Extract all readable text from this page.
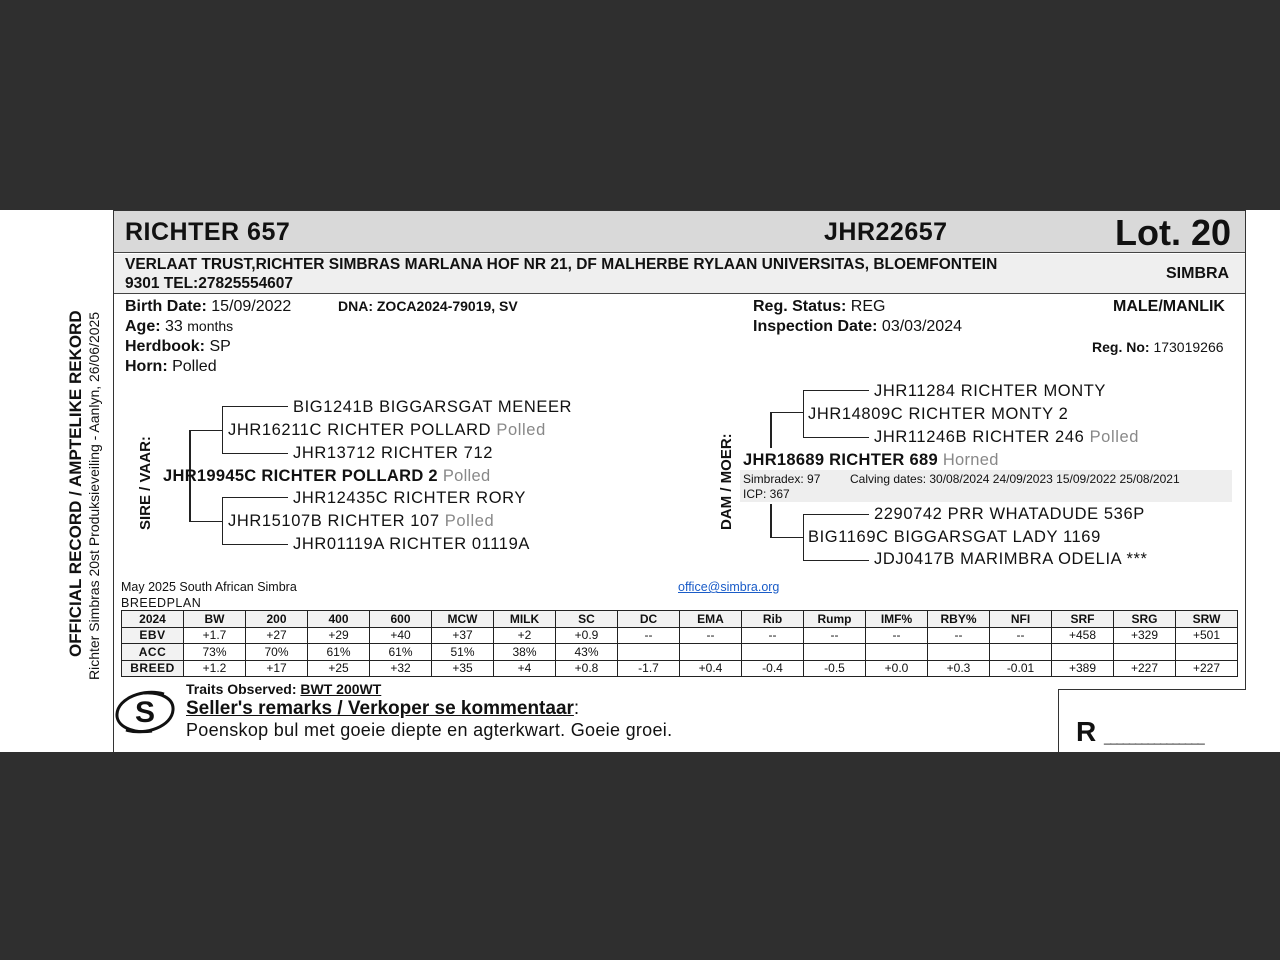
OFFICIAL RECORD / AMPTELIKE REKORD Richter Simbras 20st Produksieveiling - Aanlyn, 26/06/2025
RICHTER 657	JHR22657	Lot. 20
VERLAAT TRUST,RICHTER SIMBRAS MARLANA HOF NR 21, DF MALHERBE RYLAAN UNIVERSITAS, BLOEMFONTEIN
9301 TEL:27825554607
SIMBRA
Birth Date: 15/09/2022	DNA: ZOCA2024-79019, SV
Age: 33 months
Herdbook: SP
Horn: Polled
Reg. Status: REG
Inspection Date: 03/03/2024
MALE/MANLIK
Reg. No: 173019266
SIRE / VAAR:
BIG1241B BIGGARSGAT MENEER
JHR16211C RICHTER POLLARD Polled
JHR13712 RICHTER 712
JHR19945C RICHTER POLLARD 2 Polled
JHR12435C RICHTER RORY
JHR15107B RICHTER 107 Polled
JHR01119A RICHTER 01119A
DAM / MOER:
JHR11284 RICHTER MONTY
JHR14809C RICHTER MONTY 2
JHR11246B RICHTER 246 Polled
JHR18689 RICHTER 689 Horned
Simbradex: 97 Calving dates: 30/08/2024 24/09/2023 15/09/2022 25/08/2021
ICP: 367
2290742 PRR WHATADUDE 536P
BIG1169C BIGGARSGAT LADY 1169
JDJ0417B MARIMBRA ODELIA ***
May 2025 South African Simbra	office@simbra.org
BREEDPLAN
2024	BW	200	400	600	MCW	MILK	SC	DC	EMA	Rib	Rump	IMF%	RBY%	NFI	SRF	SRG	SRW
EBV	+1.7	+27	+29	+40	+37	+2	+0.9	--	--	--	--	--	--	--	+458	+329	+501
ACC	73%	70%	61%	61%	51%	38%	43%										
BREED	+1.2	+17	+25	+32	+35	+4	+0.8	-1.7	+0.4	-0.4	-0.5	+0.0	+0.3	-0.01	+389	+227	+227
S
Traits Observed: BWT 200WT
Seller's remarks / Verkoper se kommentaar:
Poenskop bul met goeie diepte en agterkwart. Goeie groei.	R ________________
